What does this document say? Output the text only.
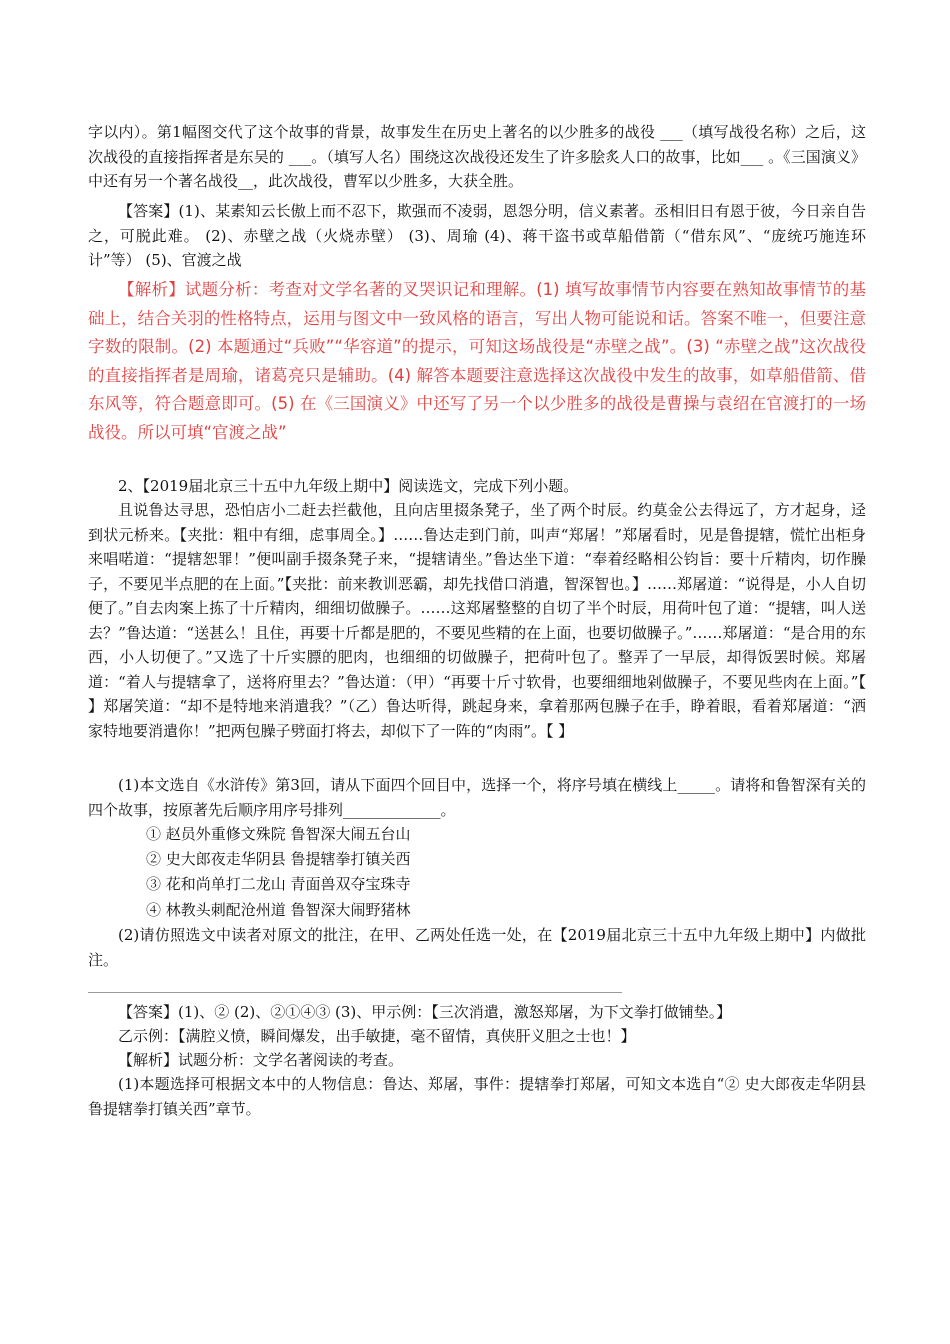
字以内）。第1幅图交代了这个故事的背景，故事发生在历史上著名的以少胜多的战役 ___（填写战役名称）之后，这次战役的直接指挥者是东吴的 ___。（填写人名）围绕这次战役还发生了许多脍炙人口的故事，比如___ 。《三国演义》中还有另一个著名战役__，此次战役，曹军以少胜多，大获全胜。
【答案】(1)、某素知云长傲上而不忍下，欺强而不凌弱，恩怨分明，信义素著。丞相旧日有恩于彼，今日亲自告之，可脱此难。 (2)、赤壁之战（火烧赤壁） (3)、周瑜 (4)、蒋干盗书或草船借箭（“借东风”、“庞统巧施连环计”等） (5)、官渡之战
【解析】试题分析：考查对文学名著的叉哭识记和理解。(1) 填写故事情节内容要在熟知故事情节的基础上，结合关羽的性格特点，运用与图文中一致风格的语言，写出人物可能说和话。答案不唯一，但要注意字数的限制。(2) 本题通过“兵败”“华容道”的提示，可知这场战役是“赤壁之战”。(3) “赤壁之战”这次战役的直接指挥者是周瑜，诸葛亮只是辅助。(4) 解答本题要注意选择这次战役中发生的故事，如草船借箭、借东风等，符合题意即可。(5) 在《三国演义》中还写了另一个以少胜多的战役是曹操与袁绍在官渡打的一场战役。所以可填“官渡之战”
2、【2019届北京三十五中九年级上期中】阅读选文，完成下列小题。
且说鲁达寻思，恐怕店小二赶去拦截他，且向店里掇条凳子，坐了两个时辰。约莫金公去得远了，方才起身，迳到状元桥来。【夹批：粗中有细，虑事周全。】……鲁达走到门前，叫声“郑屠！”郑屠看时，见是鲁提辖，慌忙出柜身来唱喏道：“提辖恕罪！”便叫副手掇条凳子来，“提辖请坐。”鲁达坐下道：“奉着经略相公钧旨：要十斤精肉，切作臊子，不要见半点肥的在上面。”【夹批：前来教训恶霸，却先找借口消遣，智深智也。】……郑屠道：“说得是，小人自切便了。”自去肉案上拣了十斤精肉，细细切做臊子。……这郑屠整整的自切了半个时辰，用荷叶包了道：“提辖，叫人送去？”鲁达道：“送甚么！且住，再要十斤都是肥的，不要见些精的在上面，也要切做臊子。”……郑屠道：“是合用的东西，小人切便了。”又选了十斤实膘的肥肉，也细细的切做臊子，把荷叶包了。整弄了一早辰，却得饭罢时候。郑屠道：“着人与提辖拿了，送将府里去？”鲁达道：（甲）“再要十斤寸软骨，也要细细地剁做臊子，不要见些肉在上面。”【 】郑屠笑道：“却不是特地来消遣我？”（乙）鲁达听得，跳起身来，拿着那两包臊子在手，睁着眼，看着郑屠道：“洒家特地要消遣你！”把两包臊子劈面打将去，却似下了一阵的“肉雨”。【 】
(1)本文选自《水浒传》第3回，请从下面四个回目中，选择一个，将序号填在横线上_____。请将和鲁智深有关的四个故事，按原著先后顺序用序号排列_____________。
① 赵员外重修文殊院 鲁智深大闹五台山
② 史大郎夜走华阴县 鲁提辖拳打镇关西
③ 花和尚单打二龙山 青面兽双夺宝珠寺
④ 林教头刺配沧州道 鲁智深大闹野猪林
(2)请仿照选文中读者对原文的批注，在甲、乙两处任选一处，在【2019届北京三十五中九年级上期中】内做批注。
【答案】(1)、② (2)、②①④③ (3)、甲示例：【三次消遣，激怒郑屠，为下文拳打做铺垫。】
乙示例：【满腔义愤，瞬间爆发，出手敏捷，毫不留情，真侠肝义胆之士也！】
【解析】试题分析：文学名著阅读的考查。
(1)本题选择可根据文本中的人物信息：鲁达、郑屠，事件：提辖拳打郑屠，可知文本选自“② 史大郎夜走华阴县 鲁提辖拳打镇关西”章节。
